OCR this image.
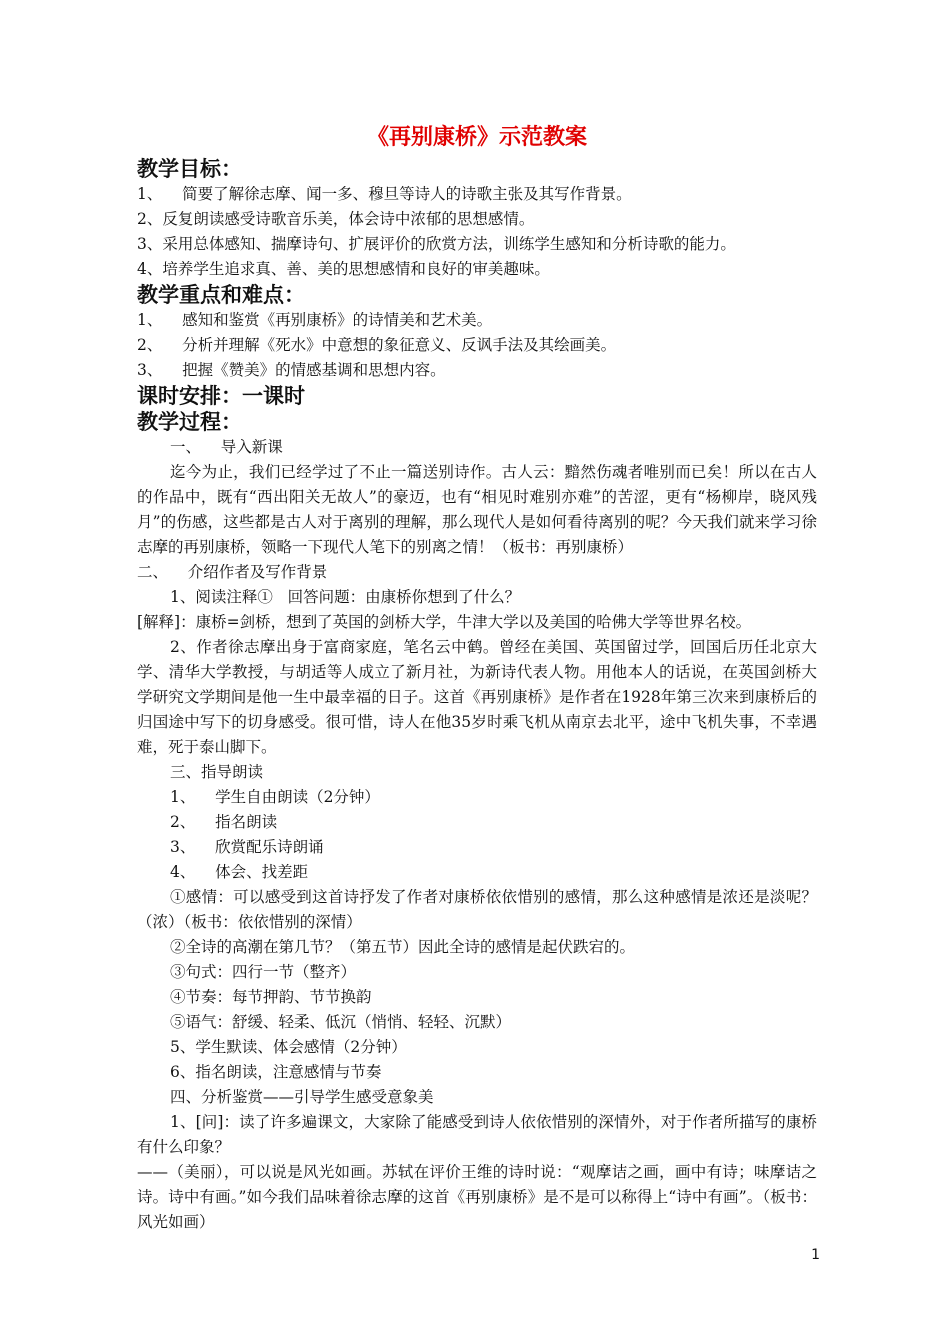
《再别康桥》示范教案
教学目标：
1、    简要了解徐志摩、闻一多、穆旦等诗人的诗歌主张及其写作背景。
2、反复朗读感受诗歌音乐美，体会诗中浓郁的思想感情。
3、采用总体感知、揣摩诗句、扩展评价的欣赏方法，训练学生感知和分析诗歌的能力。
4、培养学生追求真、善、美的思想感情和良好的审美趣味。
教学重点和难点：
1、    感知和鉴赏《再别康桥》的诗情美和艺术美。
2、    分析并理解《死水》中意想的象征意义、反讽手法及其绘画美。
3、    把握《赞美》的情感基调和思想内容。
课时安排：一课时
教学过程：
一、    导入新课
迄今为止，我们已经学过了不止一篇送别诗作。古人云：黯然伤魂者唯别而已矣！所以在古人的作品中，既有“西出阳关无故人”的豪迈，也有“相见时难别亦难”的苦涩，更有“杨柳岸，晓风残月”的伤感，这些都是古人对于离别的理解，那么现代人是如何看待离别的呢？今天我们就来学习徐志摩的再别康桥，领略一下现代人笔下的别离之情！（板书：再别康桥）
二、    介绍作者及写作背景
1、阅读注释①   回答问题：由康桥你想到了什么？
[解释]：康桥=剑桥，想到了英国的剑桥大学，牛津大学以及美国的哈佛大学等世界名校。
2、作者徐志摩出身于富商家庭，笔名云中鹤。曾经在美国、英国留过学，回国后历任北京大学、清华大学教授，与胡适等人成立了新月社，为新诗代表人物。用他本人的话说，在英国剑桥大学研究文学期间是他一生中最幸福的日子。这首《再别康桥》是作者在1928年第三次来到康桥后的归国途中写下的切身感受。很可惜，诗人在他35岁时乘飞机从南京去北平，途中飞机失事，不幸遇难，死于泰山脚下。
三、指导朗读
1、    学生自由朗读（2分钟）
2、    指名朗读
3、    欣赏配乐诗朗诵
4、    体会、找差距
①感情：可以感受到这首诗抒发了作者对康桥依依惜别的感情，那么这种感情是浓还是淡呢？（浓）（板书：依依惜别的深情）
②全诗的高潮在第几节？（第五节）因此全诗的感情是起伏跌宕的。
③句式：四行一节（整齐）
④节奏：每节押韵、节节换韵
⑤语气：舒缓、轻柔、低沉（悄悄、轻轻、沉默）
5、学生默读、体会感情（2分钟）
6、指名朗读，注意感情与节奏
四、分析鉴赏——引导学生感受意象美
1、[问]：读了许多遍课文，大家除了能感受到诗人依依惜别的深情外，对于作者所描写的康桥有什么印象？
——（美丽），可以说是风光如画。苏轼在评价王维的诗时说：“观摩诘之画，画中有诗；味摩诘之诗。诗中有画。”如今我们品味着徐志摩的这首《再别康桥》是不是可以称得上“诗中有画”。（板书：风光如画）
1
